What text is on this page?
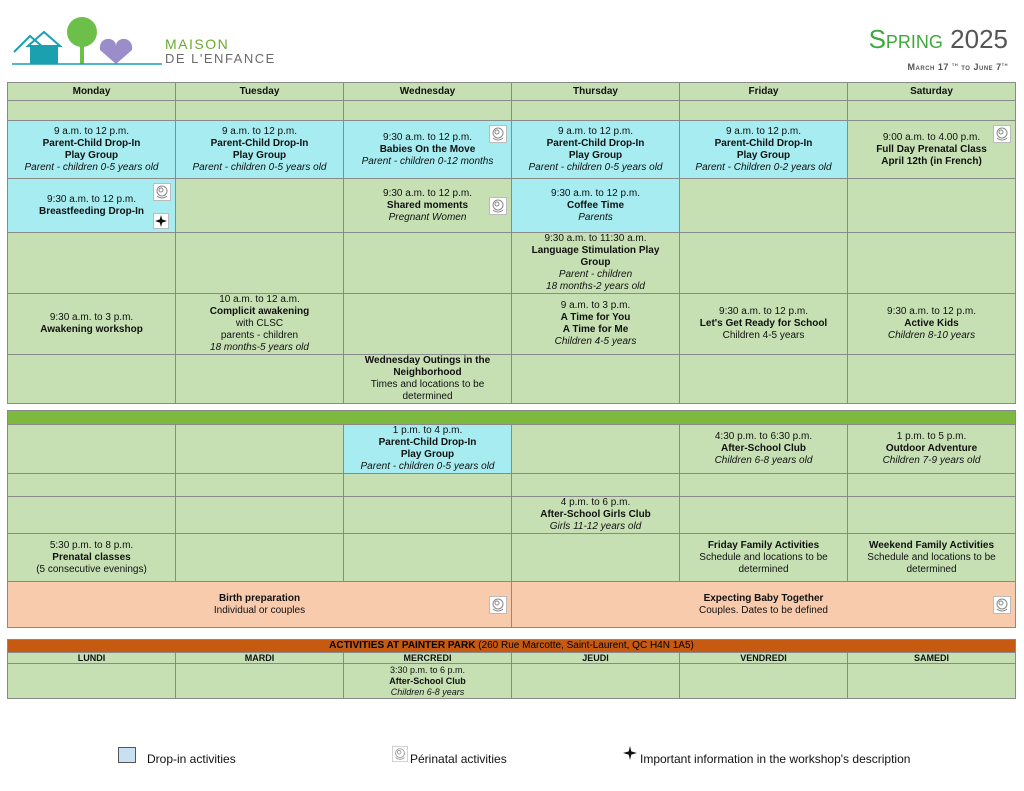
MAISON
DE L'ENFANCE
Spring 2025
March 17 $^{th}$ to June 7th
Monday	Tuesday	Wednesday	Thursday	Friday	Saturday

9 a.m. to 12 p.m.
Parent-Child Drop-In
Play Group
Parent - children 0-5 years old	9 a.m. to 12 p.m.
Parent-Child Drop-In
Play Group
Parent - children 0-5 years old	9:30 a.m. to 12 p.m.
Babies On the Move
Parent - children 0-12 months	9 a.m. to 12 p.m.
Parent-Child Drop-In
Play Group
Parent - children 0-5 years old	9 a.m. to 12 p.m.
Parent-Child Drop-In
Play Group
Parent - Children 0-2 years old	9:00 a.m. to 4.00 p.m.
Full Day Prenatal Class
April 12th (in French)

9:30 a.m. to 12 p.m.
Breastfeeding Drop-In		9:30 a.m. to 12 p.m.
Shared moments
Pregnant Women	9:30 a.m. to 12 p.m.
Coffee Time
Parents		

			9:30 a.m. to 11:30 a.m.
Language Stimulation Play
Group
Parent - children
18 months-2 years old		

9:30 a.m. to 3 p.m.
Awakening workshop	10 a.m. to 12 a.m.
Complicit awakening
with CLSC
parents - children
18 months-5 years old		9 a.m. to 3 p.m.
A Time for You
A Time for Me
Children 4-5 years	9:30 a.m. to 12 p.m.
Let's Get Ready for School
Children 4-5 years	9:30 a.m. to 12 p.m.
Active Kids
Children 8-10 years

		Wednesday Outings in the
Neighborhood
Times and locations to be
determined			

		1 p.m. to 4 p.m.
Parent-Child Drop-In
Play Group
Parent - children 0-5 years old		4:30 p.m. to 6:30 p.m.
After-School Club
Children 6-8 years old	1 p.m. to 5 p.m.
Outdoor Adventure
Children 7-9 years old

			4 p.m. to 6 p.m.
After-School Girls Club
Girls 11-12 years old		

5:30 p.m. to 8 p.m.
Prenatal classes
(5 consecutive evenings)				Friday Family Activities
Schedule and locations to be
determined	Weekend Family Activities
Schedule and locations to be
determined

Birth preparation
Individual or couples			Expecting Baby Together
Couples. Dates to be defined		
ACTIVITIES AT PAINTER PARK (260 Rue Marcotte, Saint-Laurent, QC H4N 1A5)					
LUNDI	MARDI	MERCREDI	JEUDI	VENDREDI	SAMEDI

		3:30 p.m. to 6 p.m.
After-School Club
Children 6-8 years			

Drop-in activities	Périnatal activities	Important information in the workshop's description
